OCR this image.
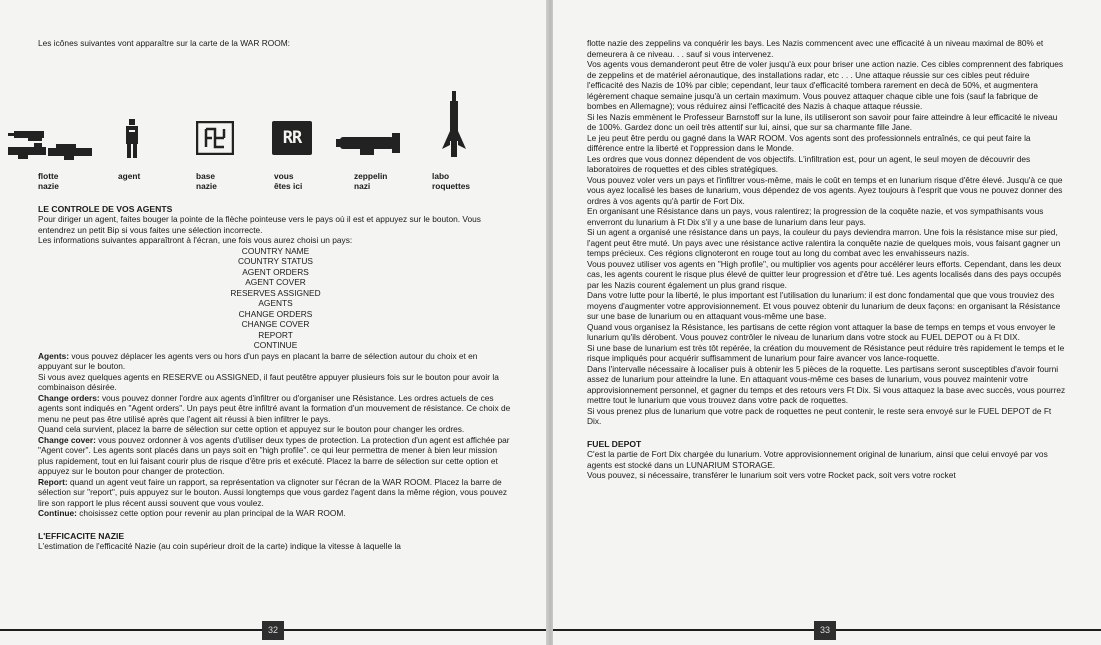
Les icônes suivantes vont apparaître sur la carte de la WAR ROOM:

flotte
nazie
agent	base
nazie
RR
vous
êtes ici
zeppelin
nazi
labo
roquettes
LE CONTROLE DE VOS AGENTS

Pour diriger un agent, faites bouger la pointe de la flèche pointeuse vers le pays où il est et appuyez sur le bouton. Vous entendrez un petit Bip si vous faites une sélection incorrecte.

Les informations suivantes apparaîtront à l'écran, une fois vous aurez choisi un pays:

COUNTRY NAME
COUNTRY STATUS
AGENT ORDERS
AGENT COVER
RESERVES ASSIGNED
AGENTS
CHANGE ORDERS
CHANGE COVER
REPORT
CONTINUE

Agents: vous pouvez déplacer les agents vers ou hors d'un pays en placant la barre de sélection autour du choix et en appuyant sur le bouton.

Si vous avez quelques agents en RESERVE ou ASSIGNED, il faut peutêtre appuyer plusieurs fois sur le bouton pour avoir la combinaison désirée.

Change orders: vous pouvez donner l'ordre aux agents d'infiltrer ou d'organiser une Résistance. Les ordres actuels de ces agents sont indiqués en "Agent orders". Un pays peut être infiltré avant la formation d'un mouvement de résistance. Ce choix de menu ne peut pas être utilisé après que l'agent ait réussi à bien infiltrer le pays.

Quand cela survient, placez la barre de sélection sur cette option et appuyez sur le bouton pour changer les ordres.

Change cover: vous pouvez ordonner à vos agents d'utiliser deux types de protection. La protection d'un agent est affichée par "Agent cover". Les agents sont placés dans un pays soit en "high profile". ce qui leur permettra de mener à bien leur mission plus rapidement, tout en lui faisant courir plus de risque d'être pris et exécuté. Placez la barre de sélection sur cette option et appuyez sur le bouton pour changer de protection.

Report: quand un agent veut faire un rapport, sa représentation va clignoter sur l'écran de la WAR ROOM. Placez la barre de sélection sur "report", puis appuyez sur le bouton. Aussi longtemps que vous gardez l'agent dans la même région, vous pouvez lire son rapport le plus récent aussi souvent que vous voulez.

Continue: choisissez cette option pour revenir au plan principal de la WAR ROOM.

L'EFFICACITE NAZIE

L'estimation de l'efficacité Nazie (au coin supérieur droit de la carte) indique la vitesse à laquelle la

32

flotte nazie des zeppelins va conquérir les bays. Les Nazis commencent avec une efficacité à un niveau maximal de 80% et demeurera à ce niveau. . . sauf si vous intervenez.

Vos agents vous demanderont peut être de voler jusqu'à eux pour briser une action nazie. Ces cibles comprennent des fabriques de zeppelins et de matériel aéronautique, des installations radar, etc . . . Une attaque réussie sur ces cibles peut réduire l'efficacité des Nazis de 10% par cible; cependant, leur taux d'efficacité tombera rarement en decà de 50%, et augmentera légèrement chaque semaine jusqu'à un certain maximum. Vous pouvez attaquer chaque cible une fois (sauf la fabrique de bombes en Allemagne); vous réduirez ainsi l'efficacité des Nazis à chaque attaque réussie.

Si les Nazis emmènent le Professeur Barnstoff sur la lune, ils utiliseront son savoir pour faire atteindre à leur efficacité le niveau de 100%. Gardez donc un oeil très attentif sur lui, ainsi, que sur sa charmante fille Jane.

Le jeu peut être perdu ou gagné dans la WAR ROOM. Vos agents sont des professionnels entraînés, ce qui peut faire la différence entre la liberté et l'oppression dans le Monde.

Les ordres que vous donnez dépendent de vos objectifs. L'infiltration est, pour un agent, le seul moyen de découvrir des laboratoires de roquettes et des cibles stratégiques.

Vous pouvez voler vers un pays et l'infiltrer vous-même, mais le coût en temps et en lunarium risque d'être élevé. Jusqu'à ce que vous ayez localisé les bases de lunarium, vous dépendez de vos agents. Ayez toujours à l'esprit que vous ne pouvez donner des ordres à vos agents qu'à partir de Fort Dix.

En organisant une Résistance dans un pays, vous ralentirez; la progression de la coquête nazie, et vos sympathisants vous enverront du lunarium à Ft Dix s'il y a une base de lunarium dans leur pays.

Si un agent a organisé une résistance dans un pays, la couleur du pays deviendra marron. Une fois la résistance mise sur pied, l'agent peut être muté. Un pays avec une résistance active ralentira la conquête nazie de quelques mois, vous faisant gagner un temps précieux. Ces régions clignoteront en rouge tout au long du combat avec les envahisseurs nazis.

Vous pouvez utiliser vos agents en "High profile", ou multiplier vos agents pour accélérer leurs efforts. Cependant, dans les deux cas, les agents courent le risque plus élevé de quitter leur progression et d'être tué. Les agents localisés dans des pays occupés par les Nazis courent également un plus grand risque.

Dans votre lutte pour la liberté, le plus important est l'utilisation du lunarium: il est donc fondamental que que vous trouviez des moyens d'augmenter votre approvisionnement. Et vous pouvez obtenir du lunarium de deux façons: en organisant la Résistance sur une base de lunarium ou en attaquant vous-même une base.

Quand vous organisez la Résistance, les partisans de cette région vont attaquer la base de temps en temps et vous envoyer le lunarium qu'ils dérobent. Vous pouvez contrôler le niveau de lunarium dans votre stock au FUEL DEPOT ou à Ft DIX.

Si une base de lunarium est très tôt repérée, la création du mouvement de Résistance peut réduire très rapidement le temps et le risque impliqués pour acquérir suffisamment de lunarium pour faire avancer vos lance-roquette.

Dans l'intervalle nécessaire à localiser puis à obtenir les 5 pièces de la roquette. Les partisans seront susceptibles d'avoir fourni assez de lunarium pour atteindre la lune. En attaquant vous-même ces bases de lunarium, vous pouvez maintenir votre approvisionnement personnel, et gagner du temps et des retours vers Ft Dix. Si vous attaquez la base avec succès, vous pourrez mettre tout le lunarium que vous trouvez dans votre pack de roquettes.

Si vous prenez plus de lunarium que votre pack de roquettes ne peut contenir, le reste sera envoyé sur le FUEL DEPOT de Ft Dix.

FUEL DEPOT

C'est la partie de Fort Dix chargée du lunarium. Votre approvisionnement original de lunarium, ainsi que celui envoyé par vos agents est stocké dans un LUNARIUM STORAGE.

Vous pouvez, si nécessaire, transférer le lunarium soit vers votre Rocket pack, soit vers votre rocket

33
